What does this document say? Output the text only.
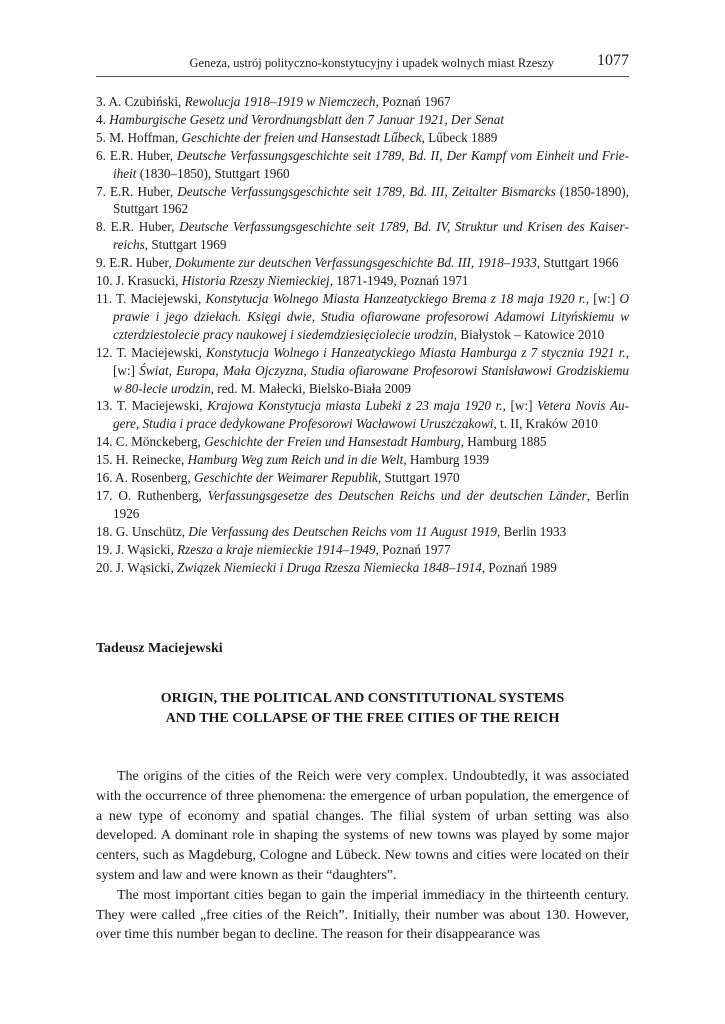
Geneza, ustrój polityczno-konstytucyjny i upadek wolnych miast Rzeszy	1077
3. A. Czubiński, Rewolucja 1918–1919 w Niemczech, Poznań 1967
4. Hamburgische Gesetz und Verordnungsblatt den 7 Januar 1921, Der Senat
5. M. Hoffman, Geschichte der freien und Hansestadt Lűbeck, Lűbeck 1889
6. E.R. Huber, Deutsche Verfassungsgeschichte seit 1789, Bd. II, Der Kampf vom Einheit und Frieiheit (1830–1850), Stuttgart 1960
7. E.R. Huber, Deutsche Verfassungsgeschichte seit 1789, Bd. III, Zeitalter Bismarcks (1850-1890), Stuttgart 1962
8. E.R. Huber, Deutsche Verfassungsgeschichte seit 1789, Bd. IV, Struktur und Krisen des Kaiserreichs, Stuttgart 1969
9. E.R. Huber, Dokumente zur deutschen Verfassungsgeschichte Bd. III, 1918–1933, Stuttgart 1966
10. J. Krasucki, Historia Rzeszy Niemieckiej, 1871-1949, Poznań 1971
11. T. Maciejewski, Konstytucja Wolnego Miasta Hanzeatyckiego Brema z 18 maja 1920 r., [w:] O prawie i jego dziełach. Księgi dwie, Studia ofiarowane profesorowi Adamowi Lityńskiemu w czterdziestolecie pracy naukowej i siedemdziesięciolecie urodzin, Białystok – Katowice 2010
12. T. Maciejewski, Konstytucja Wolnego i Hanzeatyckiego Miasta Hamburga z 7 stycznia 1921 r., [w:] Świat, Europa, Mała Ojczyzna, Studia ofiarowane Profesorowi Stanisławowi Grodziskiemu w 80-lecie urodzin, red. M. Małecki, Bielsko-Biała 2009
13. T. Maciejewski, Krajowa Konstytucja miasta Lubeki z 23 maja 1920 r., [w:] Vetera Novis Augere, Studia i prace dedykowane Profesorowi Wacławowi Uruszczakowi, t. II, Kraków 2010
14. C. Mönckeberg, Geschichte der Freien und Hansestadt Hamburg, Hamburg 1885
15. H. Reinecke, Hamburg Weg zum Reich und in die Welt, Hamburg 1939
16. A. Rosenberg, Geschichte der Weimarer Republik, Stuttgart 1970
17. O. Ruthenberg, Verfassungsgesetze des Deutschen Reichs und der deutschen Länder, Berlin 1926
18. G. Unschütz, Die Verfassung des Deutschen Reichs vom 11 August 1919, Berlin 1933
19. J. Wąsicki, Rzesza a kraje niemieckie 1914–1949, Poznań 1977
20. J. Wąsicki, Związek Niemiecki i Druga Rzesza Niemiecka 1848–1914, Poznań 1989
Tadeusz Maciejewski
ORIGIN, THE POLITICAL AND CONSTITUTIONAL SYSTEMS
AND THE COLLAPSE OF THE FREE CITIES OF THE REICH

The origins of the cities of the Reich were very complex. Undoubtedly, it was associated with the occurrence of three phenomena: the emergence of urban population, the emergence of a new type of economy and spatial changes. The filial system of urban setting was also developed. A dominant role in shaping the systems of new towns was played by some major centers, such as Magdeburg, Cologne and Lübeck. New towns and cities were located on their system and law and were known as their “daughters”.

The most important cities began to gain the imperial immediacy in the thirteenth century. They were called „free cities of the Reich”. Initially, their number was about 130. However, over time this number began to decline. The reason for their disappearance was
